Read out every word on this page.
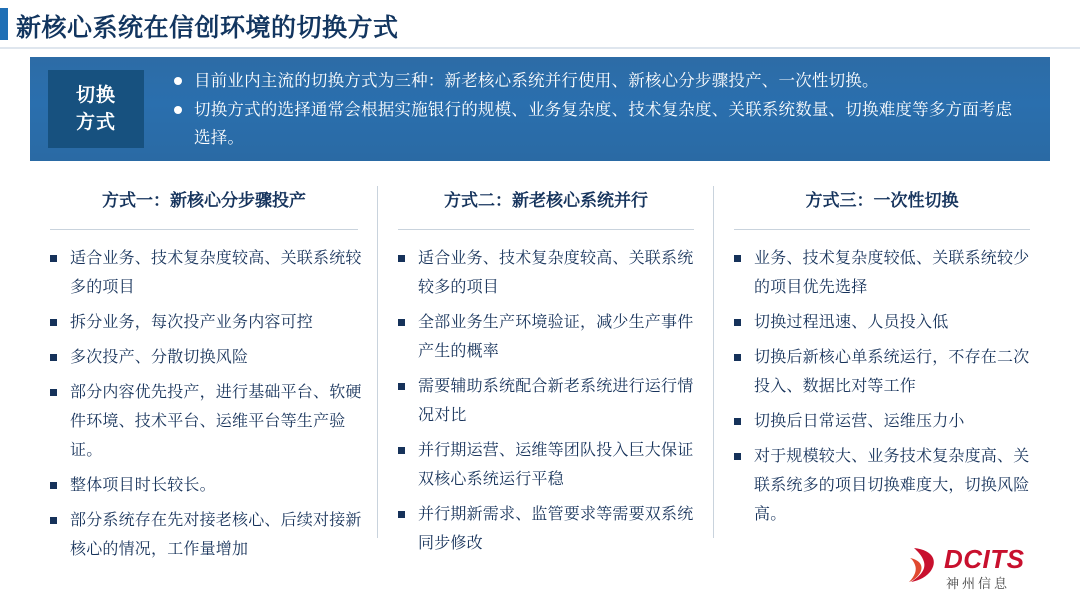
新核心系统在信创环境的切换方式
切换
方式
目前业内主流的切换方式为三种：新老核心系统并行使用、新核心分步骤投产、一次性切换。
切换方式的选择通常会根据实施银行的规模、业务复杂度、技术复杂度、关联系统数量、切换难度等多方面考虑选择。
方式一：新核心分步骤投产
适合业务、技术复杂度较高、关联系统较多的项目
拆分业务，每次投产业务内容可控
多次投产、分散切换风险
部分内容优先投产，进行基础平台、软硬件环境、技术平台、运维平台等生产验证。
整体项目时长较长。
部分系统存在先对接老核心、后续对接新核心的情况，工作量增加
方式二：新老核心系统并行
适合业务、技术复杂度较高、关联系统较多的项目
全部业务生产环境验证，减少生产事件产生的概率
需要辅助系统配合新老系统进行运行情况对比
并行期运营、运维等团队投入巨大保证双核心系统运行平稳
并行期新需求、监管要求等需要双系统同步修改
方式三：一次性切换
业务、技术复杂度较低、关联系统较少的项目优先选择
切换过程迅速、人员投入低
切换后新核心单系统运行，不存在二次投入、数据比对等工作
切换后日常运营、运维压力小
对于规模较大、业务技术复杂度高、关联系统多的项目切换难度大，切换风险高。
DCITS
神州信息
